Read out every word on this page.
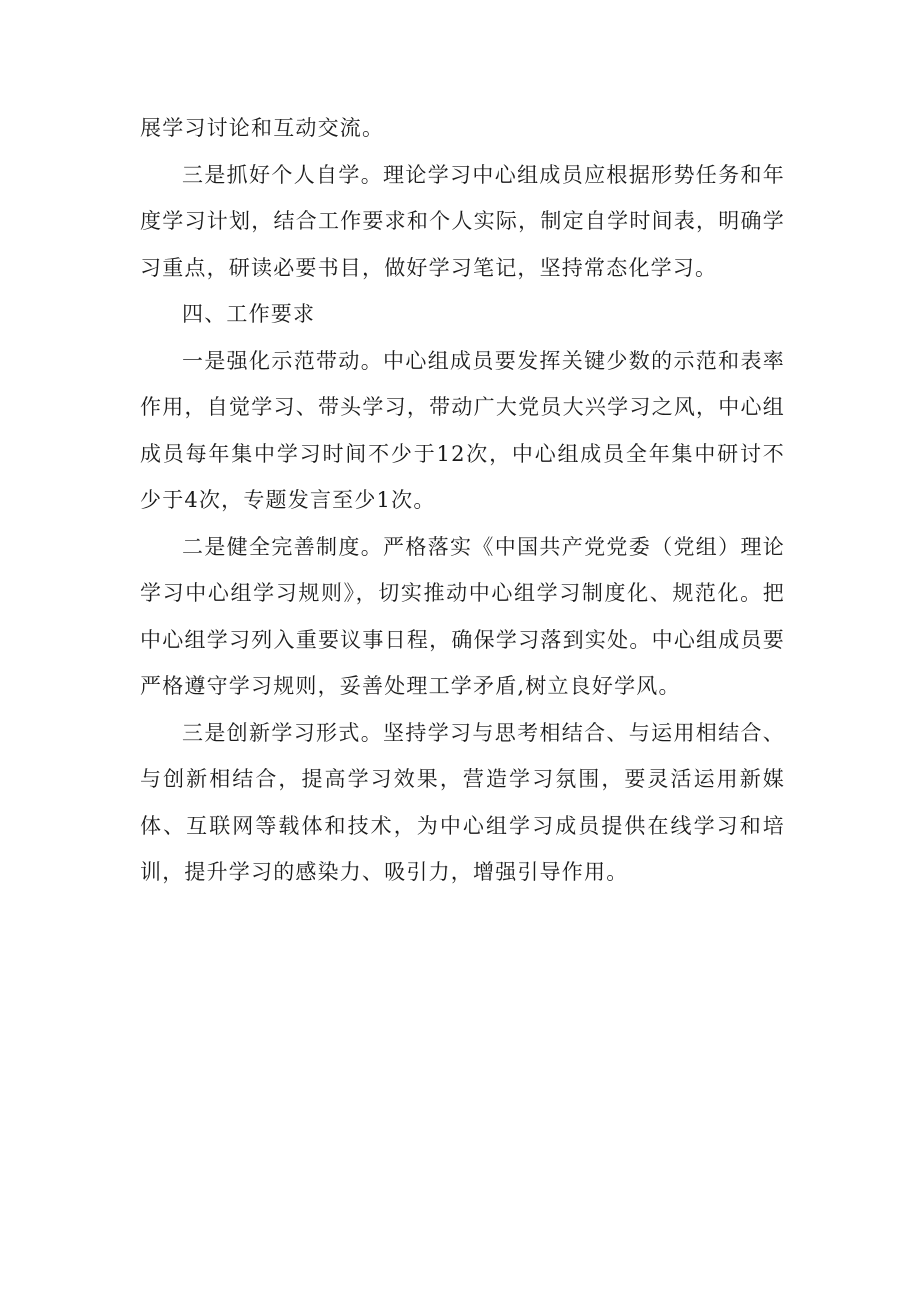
展学习讨论和互动交流。

三是抓好个人自学。理论学习中心组成员应根据形势任务和年度学习计划，结合工作要求和个人实际，制定自学时间表，明确学习重点，研读必要书目，做好学习笔记，坚持常态化学习。

四、工作要求

一是强化示范带动。中心组成员要发挥关键少数的示范和表率作用，自觉学习、带头学习，带动广大党员大兴学习之风，中心组成员每年集中学习时间不少于12次，中心组成员全年集中研讨不少于4次，专题发言至少1次。

二是健全完善制度。严格落实《中国共产党党委（党组）理论学习中心组学习规则》，切实推动中心组学习制度化、规范化。把中心组学习列入重要议事日程，确保学习落到实处。中心组成员要严格遵守学习规则，妥善处理工学矛盾,树立良好学风。

三是创新学习形式。坚持学习与思考相结合、与运用相结合、与创新相结合，提高学习效果，营造学习氛围，要灵活运用新媒体、互联网等载体和技术，为中心组学习成员提供在线学习和培训，提升学习的感染力、吸引力，增强引导作用。
